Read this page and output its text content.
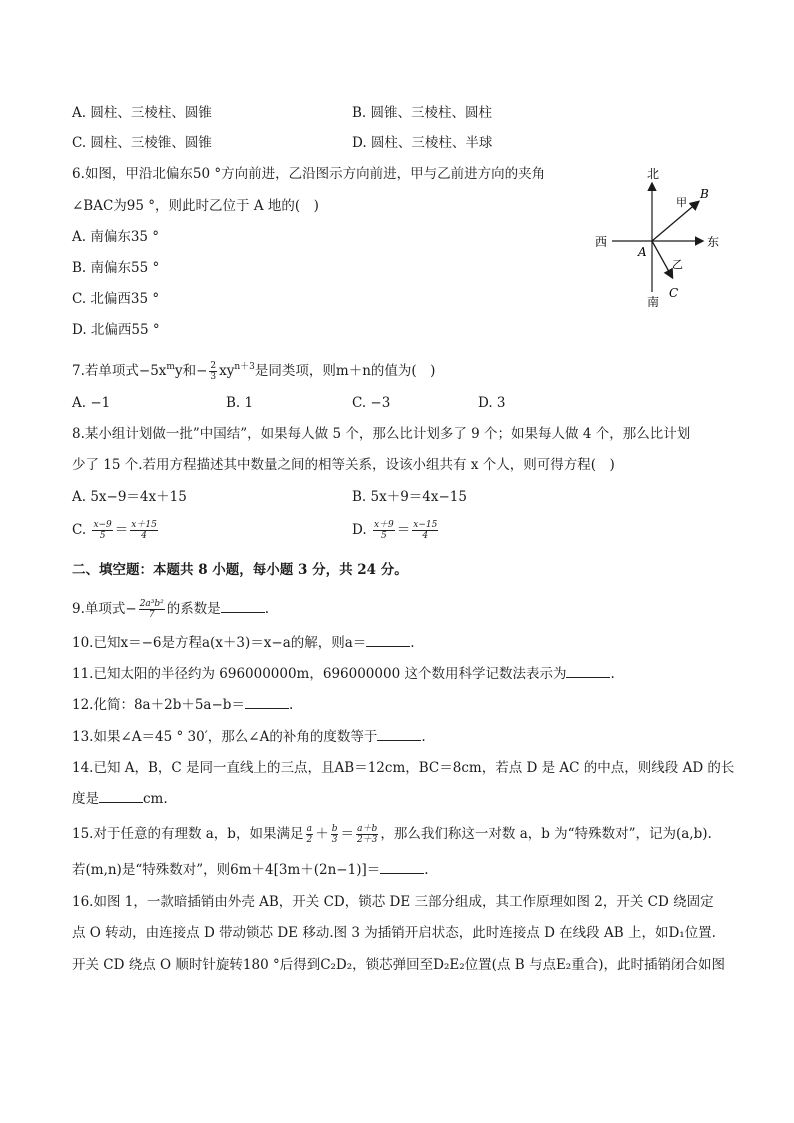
A. 圆柱、三棱柱、圆锥	B. 圆锥、三棱柱、圆柱
C. 圆柱、三棱锥、圆锥	D. 圆柱、三棱柱、半球
6.如图，甲沿北偏东50 °方向前进，乙沿图示方向前进，甲与乙前进方向的夹角
∠BAC为95 °，则此时乙位于 A 地的(　)
A. 南偏东35 °
B. 南偏东55 °
C. 北偏西35 °
D. 北偏西55 °
北
南
东
西
A
B
C
甲
乙
7.若单项式$-5x^my$和− $\frac{2}{3} xy^{n+3}$是同类项，则m＋n的值为(　)
A. −1	B. 1	C. −3	D. 3
8.某小组计划做一批”中国结”，如果每人做 5 个，那么比计划多了 9 个；如果每人做 4 个，那么比计划
少了 15 个.若用方程描述其中数量之间的相等关系，设该小组共有 x 个人，则可得方程(　)
A. 5x−9＝4x＋15	B. 5x＋9＝4x−15
C. $\frac{x-9}{5} = \frac{x+15}{4}$	D. $\frac{x+9}{5} = \frac{x-15}{4}$
二、填空题：本题共 8 小题，每小题 3 分，共 24 分。
9.单项式− $\frac{\text{2a³b²}}{7}$ 的系数是	.
10.已知x＝−6是方程a(x＋3)＝x−a的解，则a＝	.
11.已知太阳的半径约为 696000000m，696000000 这个数用科学记数法表示为	.
12.化简：8a＋2b＋5a−b＝	.
13.如果∠A＝45 ° 30′，那么∠A的补角的度数等于	.
14.已知 A，B，C 是同一直线上的三点，且AB＝12cm，BC＝8cm，若点 D 是 AC 的中点，则线段 AD 的长
度是	cm.
15.对于任意的有理数 a，b，如果满足 $\frac{a}{2} + \frac{b}{3} = \frac{a+b}{2+3}$ ，那么我们称这一对数 a，b 为“特殊数对”，记为(a,b).
若(m,n)是“特殊数对”，则6m＋4[3m＋(2n−1)]＝	.
16.如图 1，一款暗插销由外壳 AB，开关 CD，锁芯 DE 三部分组成，其工作原理如图 2，开关 CD 绕固定
点 O 转动，由连接点 D 带动锁芯 DE 移动.图 3 为插销开启状态，此时连接点 D 在线段 AB 上，如D₁位置.
开关 CD 绕点 O 顺时针旋转180 °后得到C₂D₂，锁芯弹回至D₂E₂位置(点 B 与点E₂重合)，此时插销闭合如图
